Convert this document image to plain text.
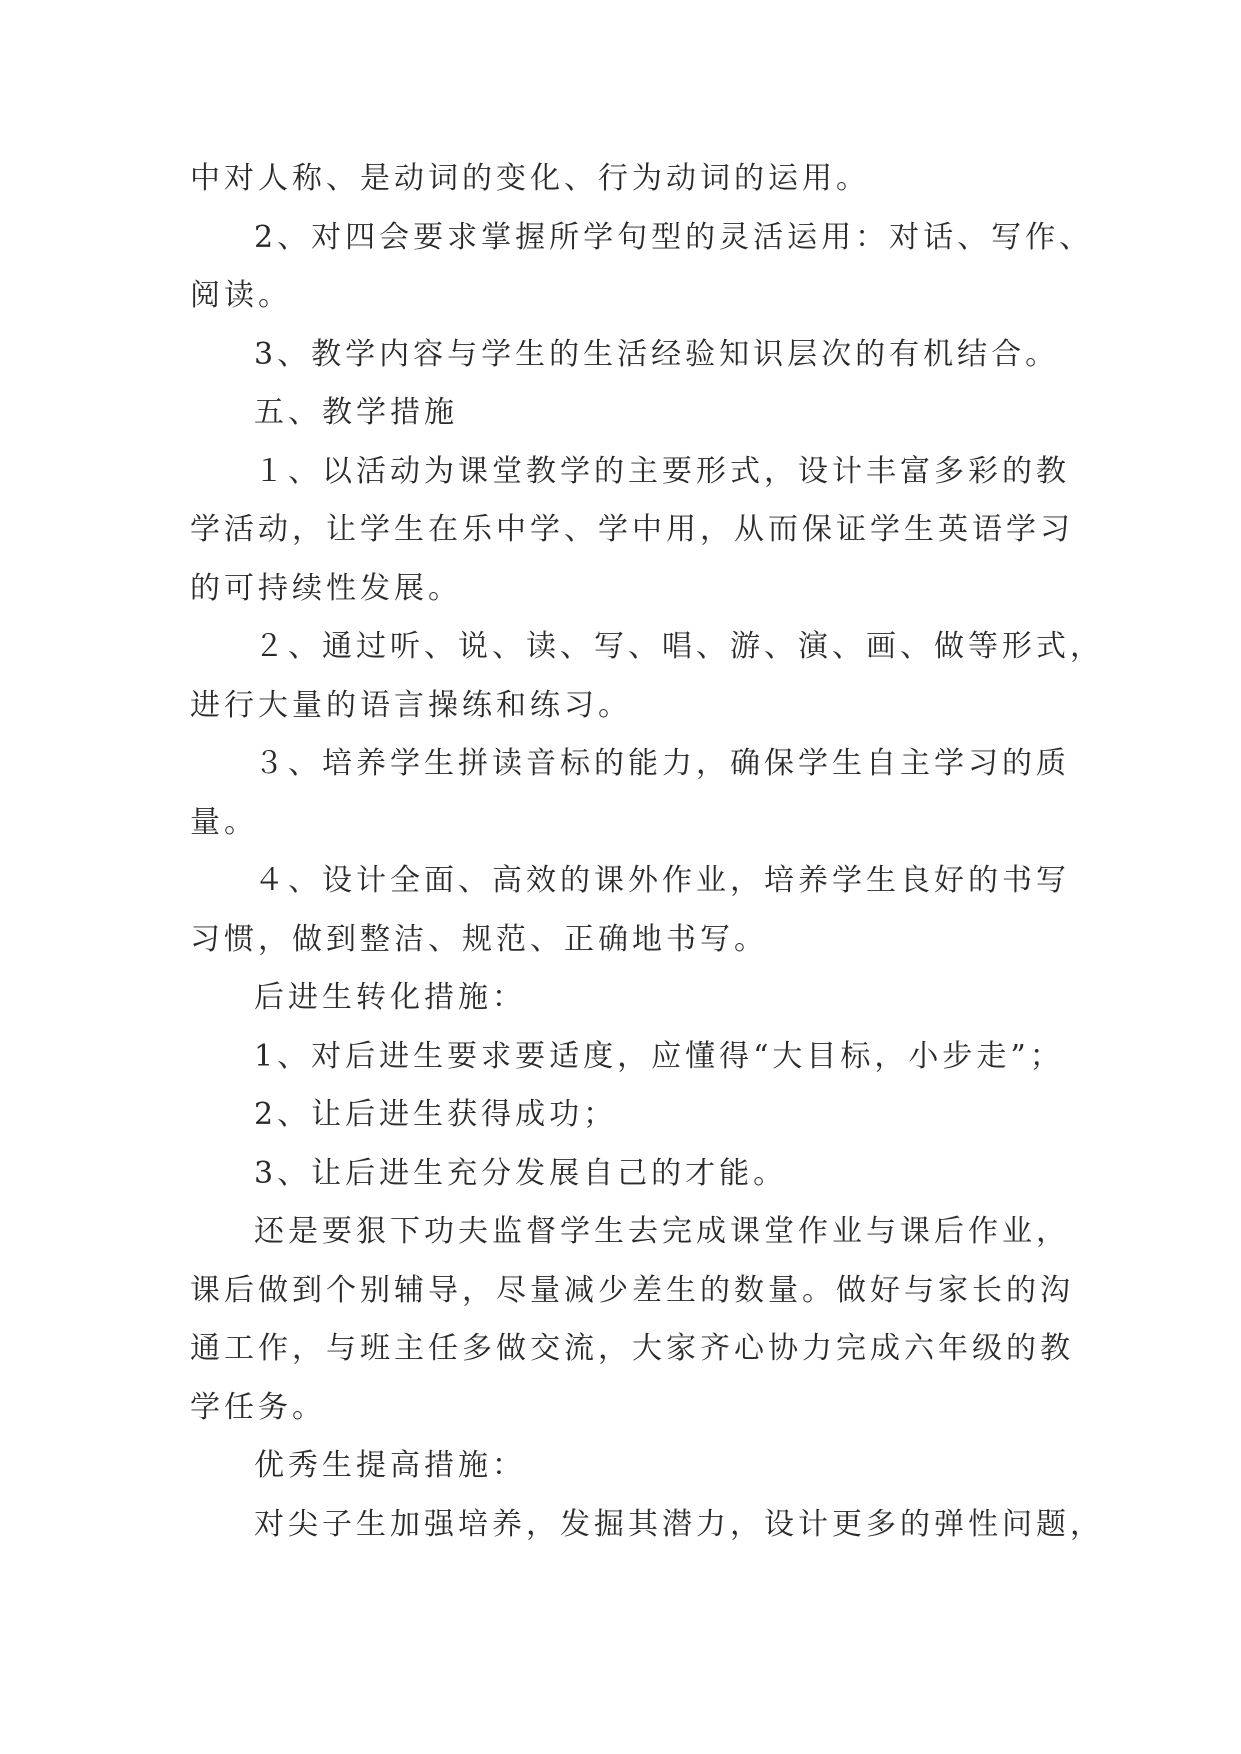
中对人称、是动词的变化、行为动词的运用。
2、对四会要求掌握所学句型的灵活运用：对话、写作、
阅读。
3、教学内容与学生的生活经验知识层次的有机结合。
五、教学措施
１、以活动为课堂教学的主要形式，设计丰富多彩的教
学活动，让学生在乐中学、学中用，从而保证学生英语学习
的可持续性发展。
２、通过听、说、读、写、唱、游、演、画、做等形式，
进行大量的语言操练和练习。
３、培养学生拼读音标的能力，确保学生自主学习的质
量。
４、设计全面、高效的课外作业，培养学生良好的书写
习惯，做到整洁、规范、正确地书写。
后进生转化措施：
1、对后进生要求要适度，应懂得“大目标，小步走”；
2、让后进生获得成功；
3、让后进生充分发展自己的才能。
还是要狠下功夫监督学生去完成课堂作业与课后作业，
课后做到个别辅导，尽量减少差生的数量。做好与家长的沟
通工作，与班主任多做交流，大家齐心协力完成六年级的教
学任务。
优秀生提高措施：
对尖子生加强培养，发掘其潜力，设计更多的弹性问题，
